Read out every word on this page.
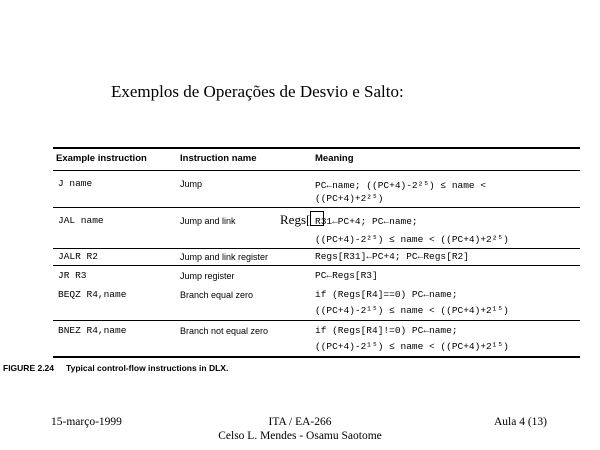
Exemplos de Operações de Desvio e Salto:
Example instruction	Instruction name	Meaning
J name	Jump	PC←name; ((PC+4)-2²⁵) ≤ name <
((PC+4)+2²⁵)
JAL name	Jump and link	R31←PC+4; PC←name;
((PC+4)-2²⁵) ≤ name < ((PC+4)+2²⁵)
JALR R2	Jump and link register	Regs[R31]←PC+4; PC←Regs[R2]
JR R3	Jump register	PC←Regs[R3]
BEQZ R4,name	Branch equal zero	if (Regs[R4]==0) PC←name;
((PC+4)-2¹⁵) ≤ name < ((PC+4)+2¹⁵)
BNEZ R4,name	Branch not equal zero	if (Regs[R4]!=0) PC←name;
((PC+4)-2¹⁵) ≤ name < ((PC+4)+2¹⁵)
Regs[
FIGURE 2.24 Typical control-flow instructions in DLX.
15-março-1999	ITA / EA-266
Celso L. Mendes - Osamu Saotome
Aula 4 (13)
